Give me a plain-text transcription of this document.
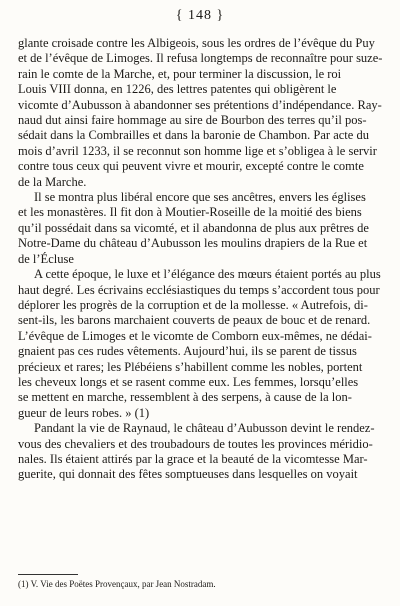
{ 148 }

glante croisade contre les Albigeois, sous les ordres de l’évêque du Puy
et de l’évêque de Limoges. Il refusa longtemps de reconnaître pour suze-
rain le comte de la Marche, et, pour terminer la discussion, le roi
Louis VIII donna, en 1226, des lettres patentes qui obligèrent le
vicomte d’Aubusson à abandonner ses prétentions d’indépendance. Ray-
naud dut ainsi faire hommage au sire de Bourbon des terres qu’il pos-
sédait dans la Combrailles et dans la baronie de Chambon. Par acte du
mois d’avril 1233, il se reconnut son homme lige et s’obligea à le servir
contre tous ceux qui peuvent vivre et mourir, excepté contre le comte
de la Marche.
Il se montra plus libéral encore que ses ancêtres, envers les églises
et les monastères. Il fit don à Moutier-Roseille de la moitié des biens
qu’il possédait dans sa vicomté, et il abandonna de plus aux prêtres de
Notre-Dame du château d’Aubusson les moulins drapiers de la Rue et
de l’Écluse
A cette époque, le luxe et l’élégance des mœurs étaient portés au plus
haut degré. Les écrivains ecclésiastiques du temps s’accordent tous pour
déplorer les progrès de la corruption et de la mollesse. « Autrefois, di-
sent-ils, les barons marchaient couverts de peaux de bouc et de renard.
L’évêque de Limoges et le vicomte de Comborn eux-mêmes, ne dédai-
gnaient pas ces rudes vêtements. Aujourd’hui, ils se parent de tissus
précieux et rares; les Plébéiens s’habillent comme les nobles, portent
les cheveux longs et se rasent comme eux. Les femmes, lorsqu’elles
se mettent en marche, ressemblent à des serpens, à cause de la lon-
gueur de leurs robes. » (1)
Pandant la vie de Raynaud, le château d’Aubusson devint le rendez-
vous des chevaliers et des troubadours de toutes les provinces méridio-
nales. Ils étaient attirés par la grace et la beauté de la vicomtesse Mar-
guerite, qui donnait des fêtes somptueuses dans lesquelles on voyait

(1) V. Vie des Poëtes Provençaux, par Jean Nostradam.
